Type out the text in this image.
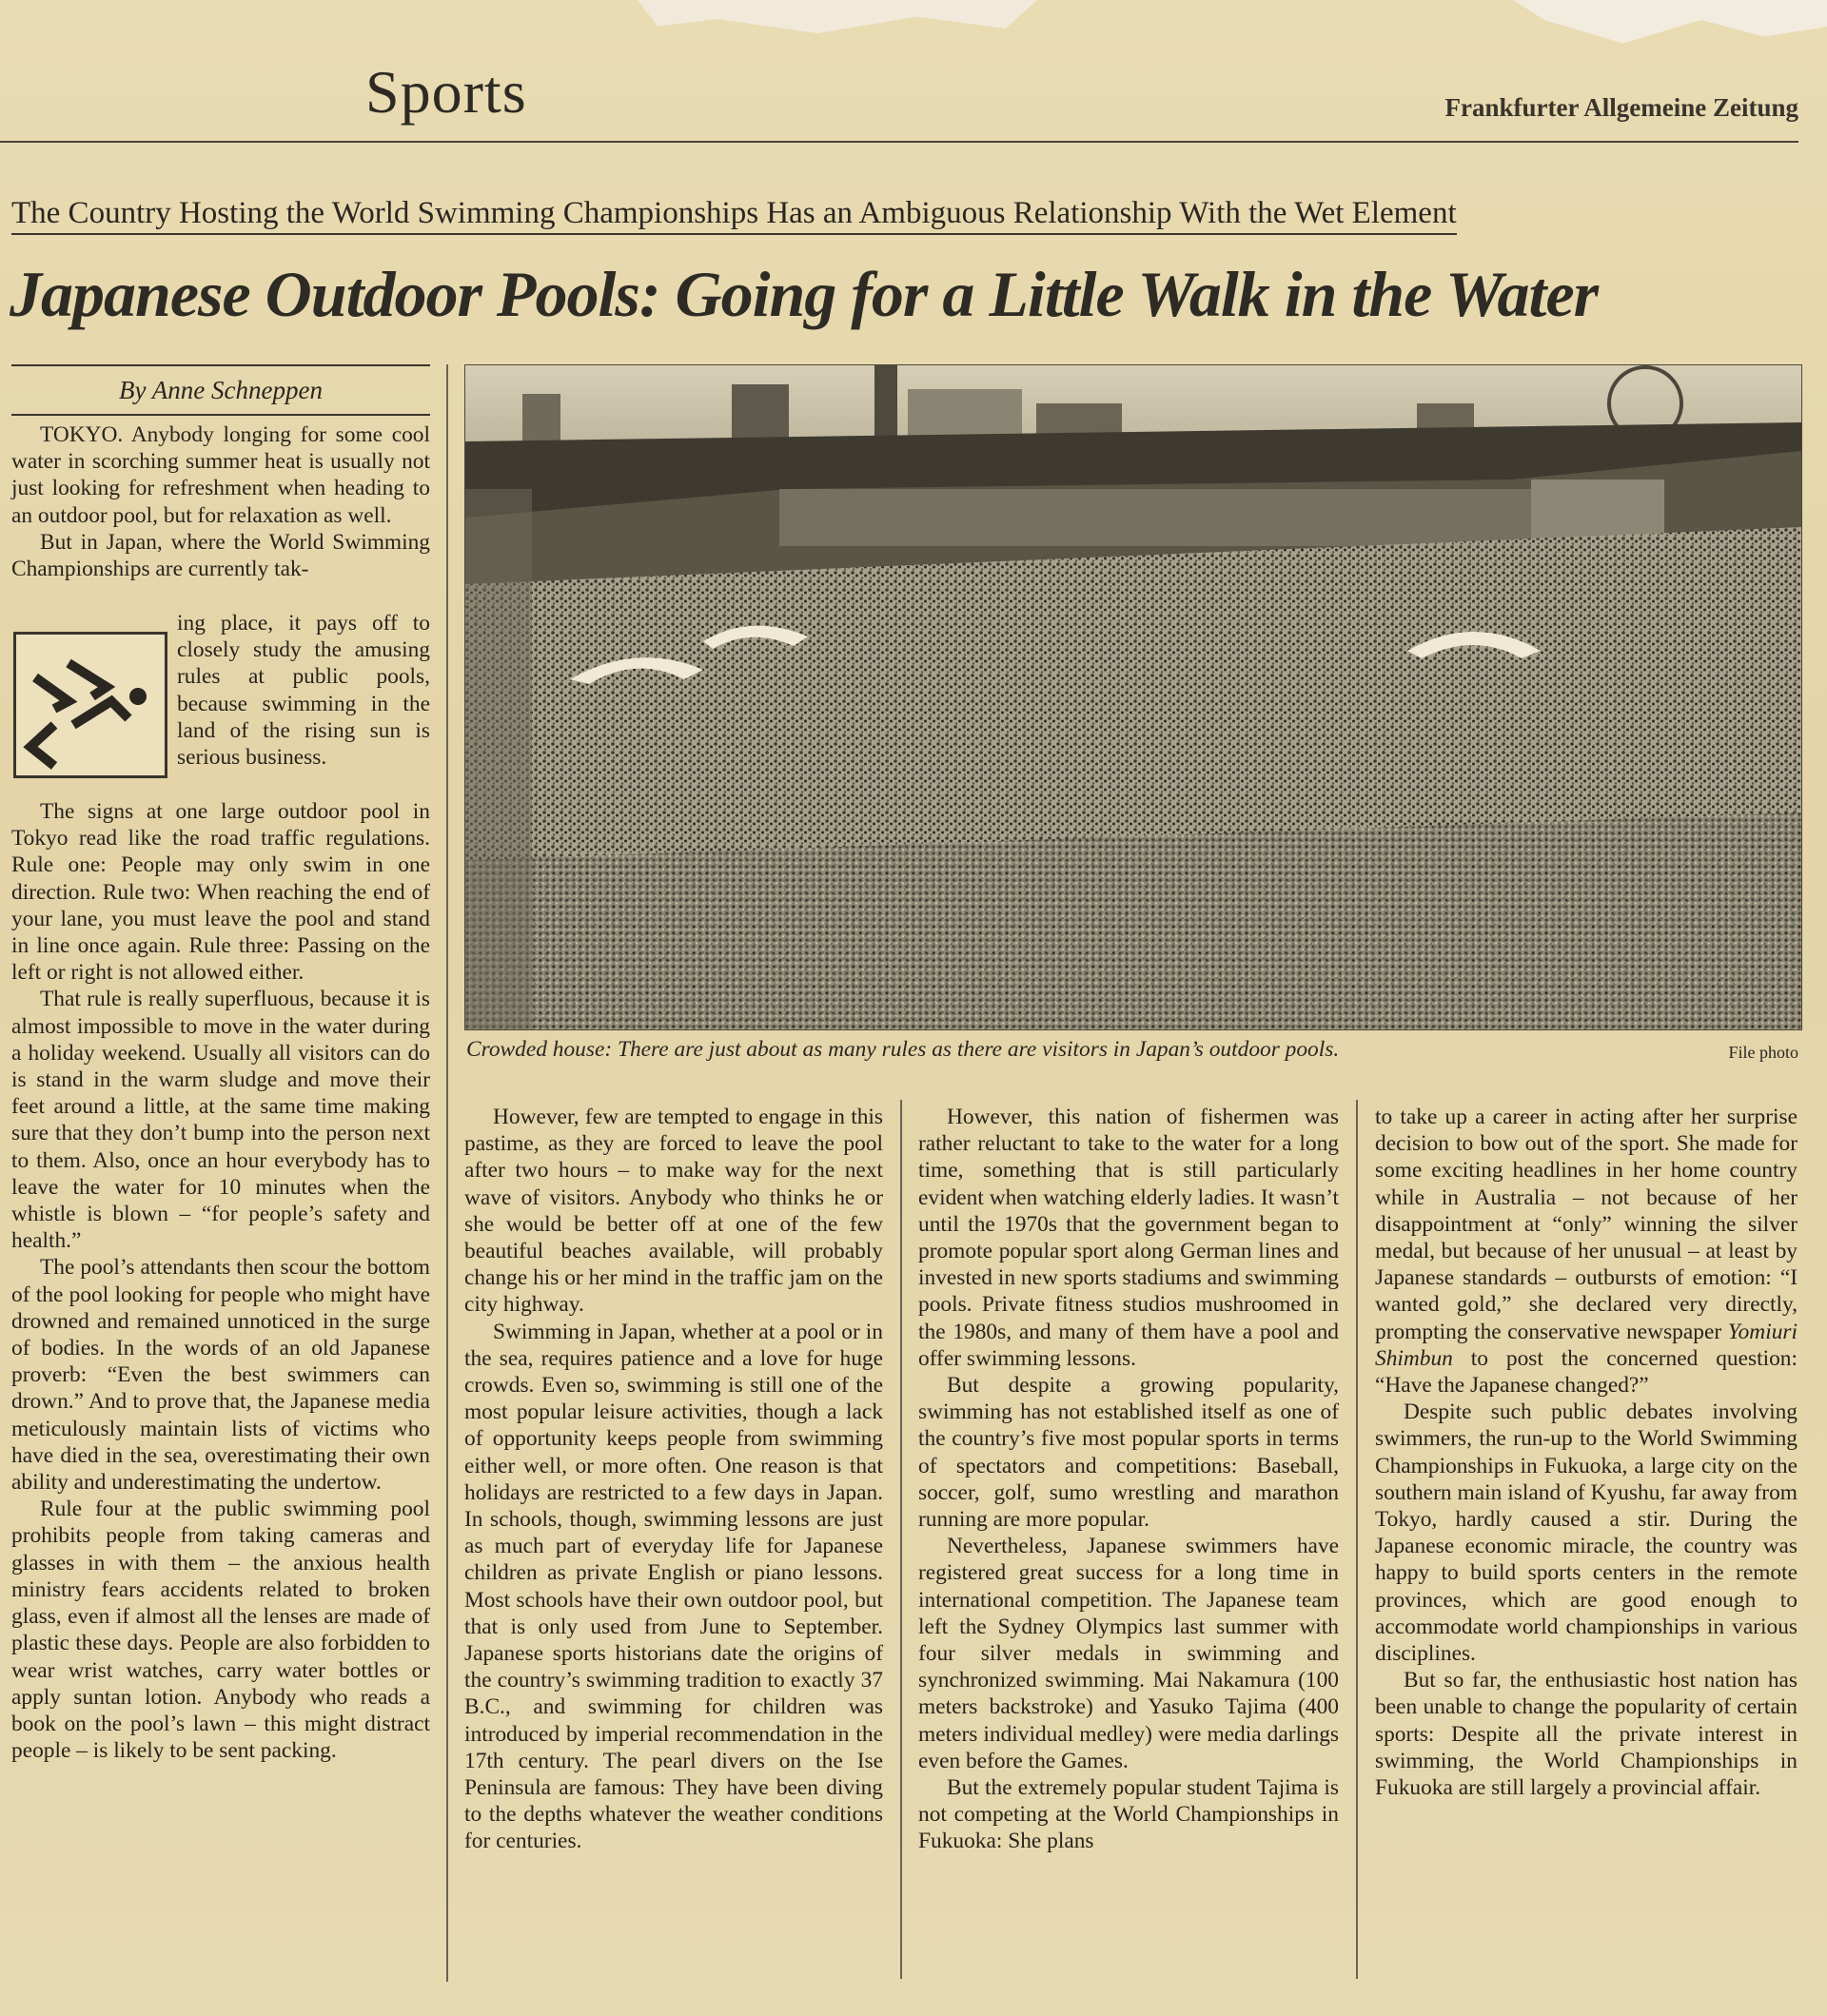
Sports	Frankfurter Allgemeine Zeitung
The Country Hosting the World Swimming Championships Has an Ambiguous Relationship With the Wet Element
Japanese Outdoor Pools: Going for a Little Walk in the Water
By Anne Schneppen

TOKYO. Anybody longing for some cool water in scorching summer heat is usually not just looking for refreshment when heading to an outdoor pool, but for relaxation as well.

But in Japan, where the World Swimming Championships are currently tak-

ing place, it pays off to closely study the amusing rules at public pools, because swimming in the land of the rising sun is serious business.

The signs at one large outdoor pool in Tokyo read like the road traffic regulations. Rule one: People may only swim in one direction. Rule two: When reaching the end of your lane, you must leave the pool and stand in line once again. Rule three: Passing on the left or right is not allowed either.

That rule is really superfluous, because it is almost impossible to move in the water during a holiday weekend. Usually all visitors can do is stand in the warm sludge and move their feet around a little, at the same time making sure that they don’t bump into the person next to them. Also, once an hour everybody has to leave the water for 10 minutes when the whistle is blown – “for people’s safety and health.”

The pool’s attendants then scour the bottom of the pool looking for people who might have drowned and remained unnoticed in the surge of bodies. In the words of an old Japanese proverb: “Even the best swimmers can drown.” And to prove that, the Japanese media meticulously maintain lists of victims who have died in the sea, overestimating their own ability and underestimating the undertow.

Rule four at the public swimming pool prohibits people from taking cameras and glasses in with them – the anxious health ministry fears accidents related to broken glass, even if almost all the lenses are made of plastic these days. People are also forbidden to wear wrist watches, carry water bottles or apply suntan lotion. Anybody who reads a book on the pool’s lawn – this might distract people – is likely to be sent packing.

Crowded house: There are just about as many rules as there are visitors in Japan’s outdoor pools.	File photo

However, few are tempted to engage in this pastime, as they are forced to leave the pool after two hours – to make way for the next wave of visitors. Anybody who thinks he or she would be better off at one of the few beautiful beaches available, will probably change his or her mind in the traffic jam on the city highway.

Swimming in Japan, whether at a pool or in the sea, requires patience and a love for huge crowds. Even so, swimming is still one of the most popular leisure activities, though a lack of opportunity keeps people from swimming either well, or more often. One reason is that holidays are restricted to a few days in Japan. In schools, though, swimming lessons are just as much part of everyday life for Japanese children as private English or piano lessons. Most schools have their own outdoor pool, but that is only used from June to September. Japanese sports historians date the origins of the country’s swimming tradition to exactly 37 B.C., and swimming for children was introduced by imperial recommendation in the 17th century. The pearl divers on the Ise Peninsula are famous: They have been diving to the depths whatever the weather conditions for centuries.

However, this nation of fishermen was rather reluctant to take to the water for a long time, something that is still particularly evident when watching elderly ladies. It wasn’t until the 1970s that the government began to promote popular sport along German lines and invested in new sports stadiums and swimming pools. Private fitness studios mushroomed in the 1980s, and many of them have a pool and offer swimming lessons.

But despite a growing popularity, swimming has not established itself as one of the country’s five most popular sports in terms of spectators and competitions: Baseball, soccer, golf, sumo wrestling and marathon running are more popular.

Nevertheless, Japanese swimmers have registered great success for a long time in international competition. The Japanese team left the Sydney Olympics last summer with four silver medals in swimming and synchronized swimming. Mai Nakamura (100 meters backstroke) and Yasuko Tajima (400 meters individual medley) were media darlings even before the Games.

But the extremely popular student Tajima is not competing at the World Championships in Fukuoka: She plans

to take up a career in acting after her surprise decision to bow out of the sport. She made for some exciting headlines in her home country while in Australia – not because of her disappointment at “only” winning the silver medal, but because of her unusual – at least by Japanese standards – outbursts of emotion: “I wanted gold,” she declared very directly, prompting the conservative newspaper Yomiuri Shimbun to post the concerned question: “Have the Japanese changed?”

Despite such public debates involving swimmers, the run-up to the World Swimming Championships in Fukuoka, a large city on the southern main island of Kyushu, far away from Tokyo, hardly caused a stir. During the Japanese economic miracle, the country was happy to build sports centers in the remote provinces, which are good enough to accommodate world championships in various disciplines.

But so far, the enthusiastic host nation has been unable to change the popularity of certain sports: Despite all the private interest in swimming, the World Championships in Fukuoka are still largely a provincial affair.
